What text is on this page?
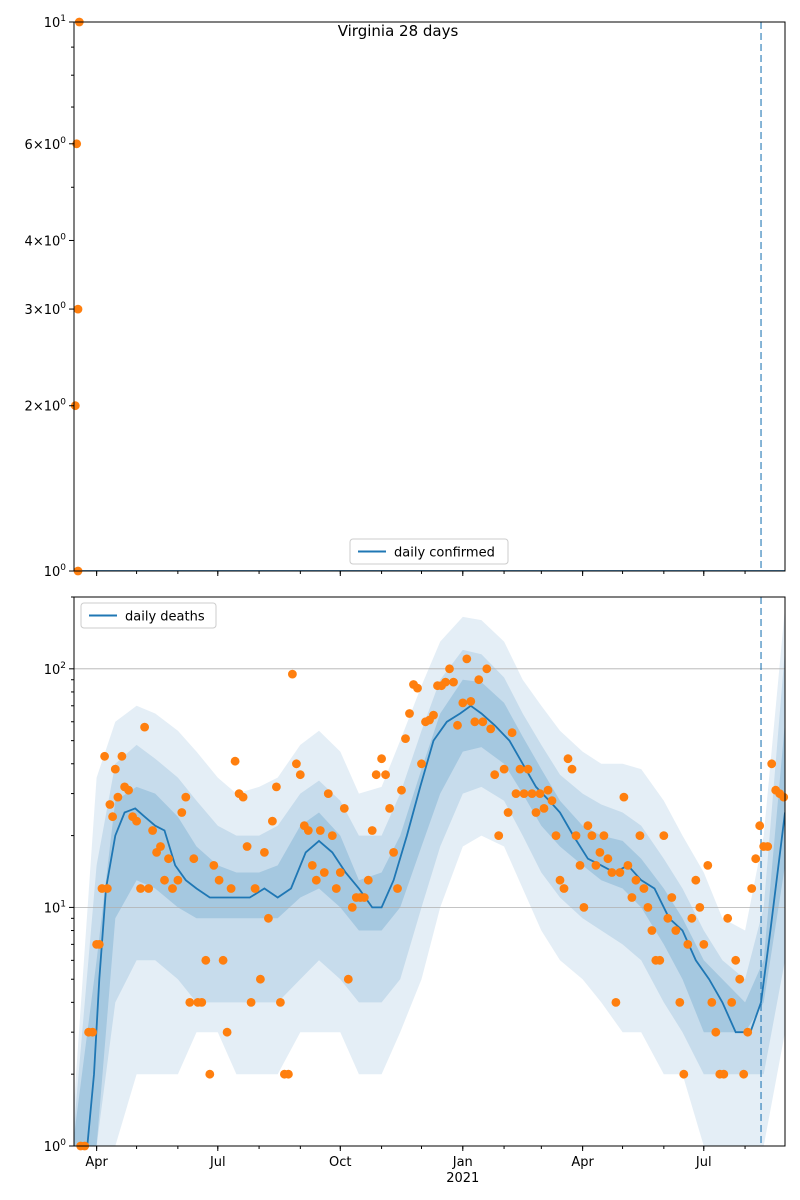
$10^0$
$2\times 10^0$
$3\times 10^0$
$4\times 10^0$
$6\times 10^0$
$10^1$
Virginia 28 days
daily confirmed
$10^0$
$10^1$
$10^2$
Apr	Jul	Oct	Jan
2021
Apr	Jul
daily deaths
